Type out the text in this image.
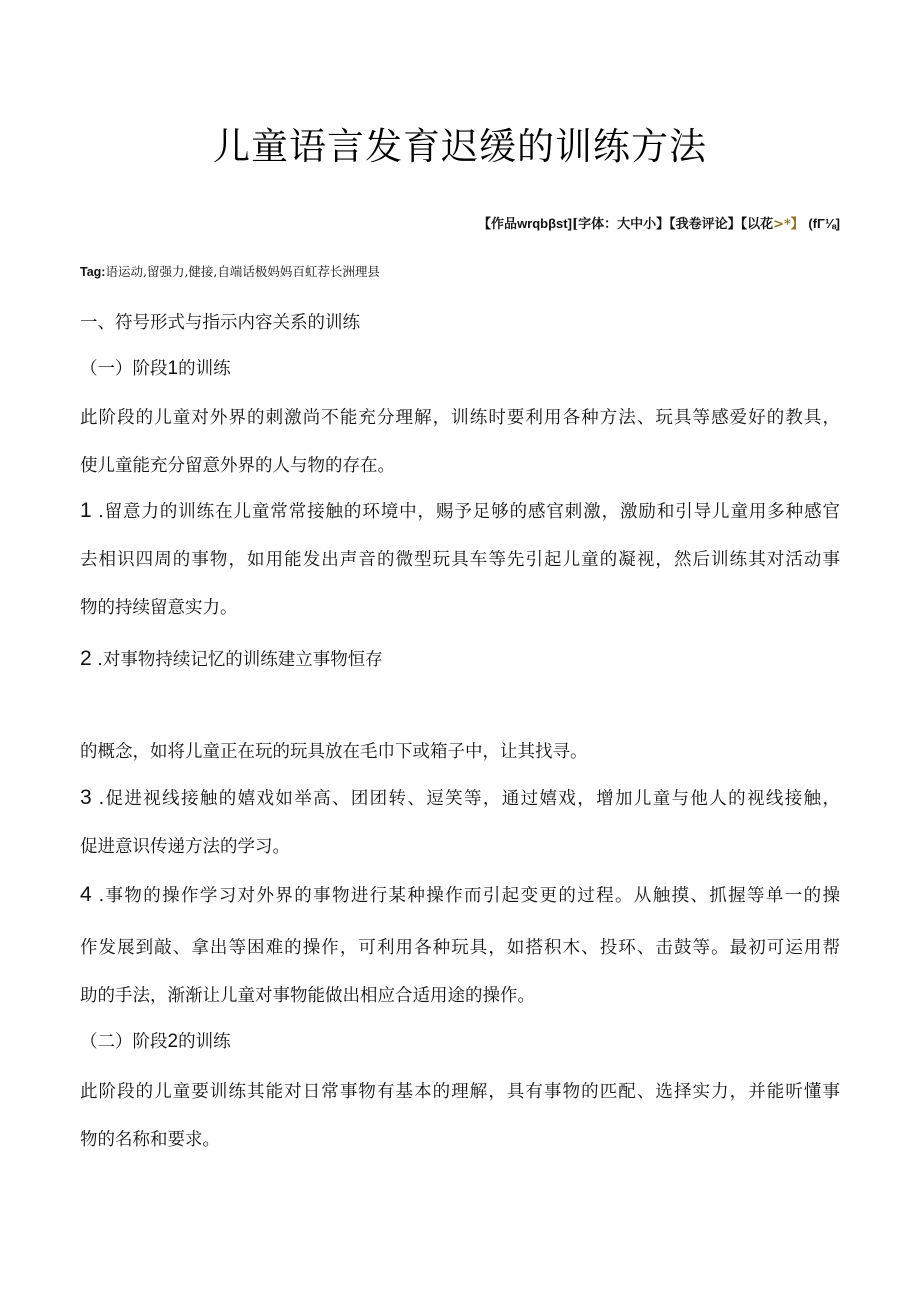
儿童语言发育迟缓的训练方法
【作品wrqbβst][字体：大中小】【我卷评论】【以花>*】 (fΓ⅛]
Tag:语运动,留强力,健接,自端话极妈妈百虹荐长洲理县
一、符号形式与指示内容关系的训练
（一）阶段1的训练
此阶段的儿童对外界的刺激尚不能充分理解，训练时要利用各种方法、玩具等感爱好的教具，
使儿童能充分留意外界的人与物的存在。
1 .留意力的训练在儿童常常接触的环境中，赐予足够的感官刺激，激励和引导儿童用多种感官
去相识四周的事物，如用能发出声音的微型玩具车等先引起儿童的凝视，然后训练其对活动事
物的持续留意实力。
2 .对事物持续记忆的训练建立事物恒存
的概念，如将儿童正在玩的玩具放在毛巾下或箱子中，让其找寻。
3 .促进视线接触的嬉戏如举高、团团转、逗笑等，通过嬉戏，增加儿童与他人的视线接触，
促进意识传递方法的学习。
4 .事物的操作学习对外界的事物进行某种操作而引起变更的过程。从触摸、抓握等单一的操
作发展到敲、拿出等困难的操作，可利用各种玩具，如搭积木、投环、击鼓等。最初可运用帮
助的手法，渐渐让儿童对事物能做出相应合适用途的操作。
（二）阶段2的训练
此阶段的儿童要训练其能对日常事物有基本的理解，具有事物的匹配、选择实力，并能听懂事
物的名称和要求。
